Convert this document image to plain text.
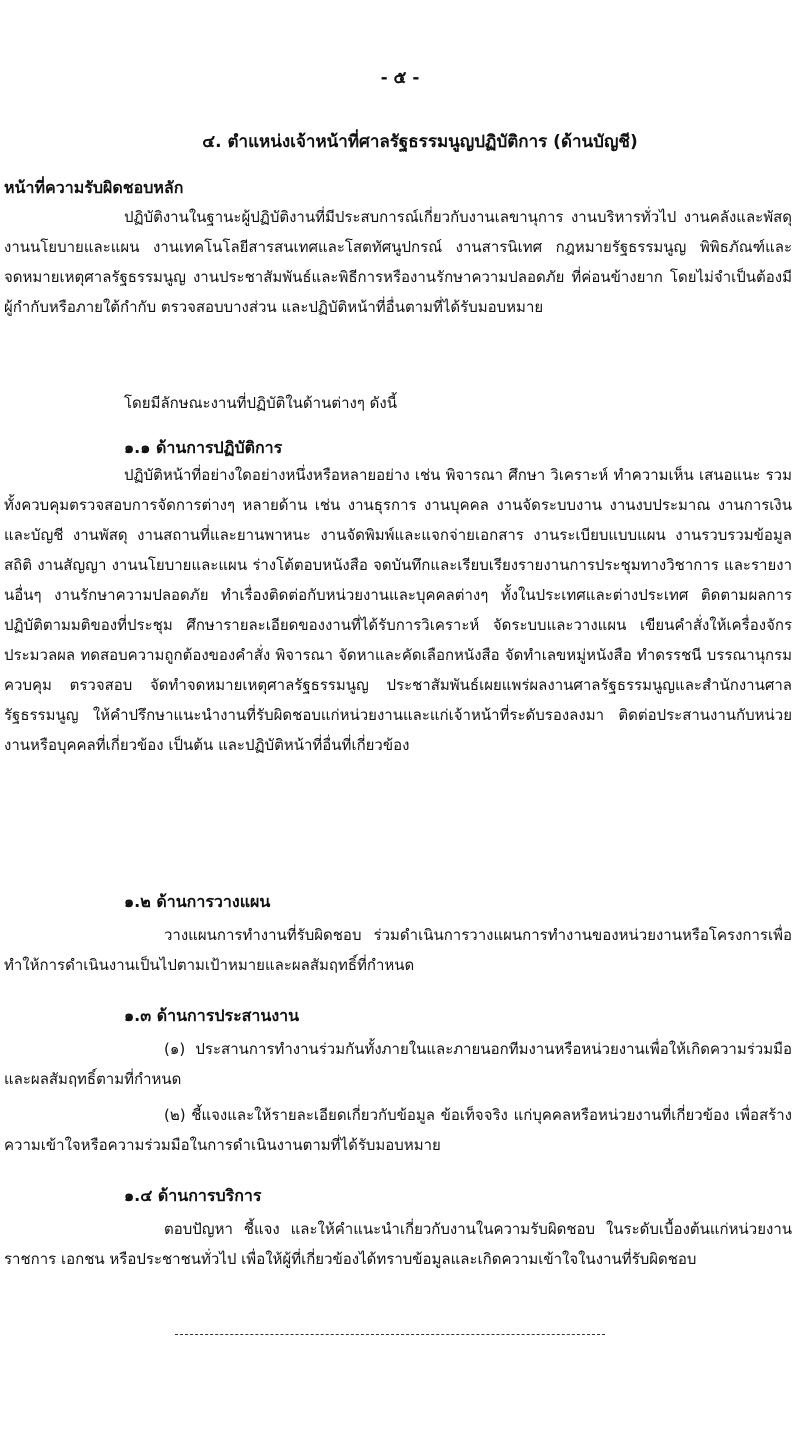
- ๕ -
๔. ตำแหน่งเจ้าหน้าที่ศาลรัฐธรรมนูญปฏิบัติการ (ด้านบัญชี)
หน้าที่ความรับผิดชอบหลัก
ปฏิบัติงานในฐานะผู้ปฏิบัติงานที่มีประสบการณ์เกี่ยวกับงานเลขานุการ งานบริหารทั่วไป งานคลังและพัสดุ งานนโยบายและแผน งานเทคโนโลยีสารสนเทศและโสตทัศนูปกรณ์ งานสารนิเทศ กฎหมายรัฐธรรมนูญ พิพิธภัณฑ์และจดหมายเหตุศาลรัฐธรรมนูญ งานประชาสัมพันธ์และพิธีการหรืองานรักษาความปลอดภัย ที่ค่อนข้างยาก โดยไม่จำเป็นต้องมีผู้กำกับหรือภายใต้กำกับ ตรวจสอบบางส่วน และปฏิบัติหน้าที่อื่นตามที่ได้รับมอบหมาย
โดยมีลักษณะงานที่ปฏิบัติในด้านต่างๆ ดังนี้
๑.๑ ด้านการปฏิบัติการ
ปฏิบัติหน้าที่อย่างใดอย่างหนึ่งหรือหลายอย่าง เช่น พิจารณา ศึกษา วิเคราะห์ ทำความเห็น เสนอแนะ รวมทั้งควบคุมตรวจสอบการจัดการต่างๆ หลายด้าน เช่น งานธุรการ งานบุคคล งานจัดระบบงาน งานงบประมาณ งานการเงินและบัญชี งานพัสดุ งานสถานที่และยานพาหนะ งานจัดพิมพ์และแจกจ่ายเอกสาร งานระเบียบแบบแผน งานรวบรวมข้อมูลสถิติ งานสัญญา งานนโยบายและแผน ร่างโต้ตอบหนังสือ จดบันทึกและเรียบเรียงรายงานการประชุมทางวิชาการ และรายงานอื่นๆ งานรักษาความปลอดภัย ทำเรื่องติดต่อกับหน่วยงานและบุคคลต่างๆ ทั้งในประเทศและต่างประเทศ ติดตามผลการปฏิบัติตามมติของที่ประชุม ศึกษารายละเอียดของงานที่ได้รับการวิเคราะห์ จัดระบบและวางแผน เขียนคำสั่งให้เครื่องจักรประมวลผล ทดสอบความถูกต้องของคำสั่ง พิจารณา จัดหาและคัดเลือกหนังสือ จัดทำเลขหมู่หนังสือ ทำดรรชนี บรรณานุกรม ควบคุม ตรวจสอบ จัดทำจดหมายเหตุศาลรัฐธรรมนูญ ประชาสัมพันธ์เผยแพร่ผลงานศาลรัฐธรรมนูญและสำนักงานศาลรัฐธรรมนูญ ให้คำปรึกษาแนะนำงานที่รับผิดชอบแก่หน่วยงานและแก่เจ้าหน้าที่ระดับรองลงมา ติดต่อประสานงานกับหน่วยงานหรือบุคคลที่เกี่ยวข้อง เป็นต้น และปฏิบัติหน้าที่อื่นที่เกี่ยวข้อง
๑.๒ ด้านการวางแผน
วางแผนการทำงานที่รับผิดชอบ ร่วมดำเนินการวางแผนการทำงานของหน่วยงานหรือโครงการเพื่อทำให้การดำเนินงานเป็นไปตามเป้าหมายและผลสัมฤทธิ์ที่กำหนด
๑.๓ ด้านการประสานงาน
(๑) ประสานการทำงานร่วมกันทั้งภายในและภายนอกทีมงานหรือหน่วยงานเพื่อให้เกิดความร่วมมือและผลสัมฤทธิ์ตามที่กำหนด
(๒) ชี้แจงและให้รายละเอียดเกี่ยวกับข้อมูล ข้อเท็จจริง แก่บุคคลหรือหน่วยงานที่เกี่ยวข้อง เพื่อสร้างความเข้าใจหรือความร่วมมือในการดำเนินงานตามที่ได้รับมอบหมาย
๑.๔ ด้านการบริการ
ตอบปัญหา ชี้แจง และให้คำแนะนำเกี่ยวกับงานในความรับผิดชอบ ในระดับเบื้องต้นแก่หน่วยงานราชการ เอกชน หรือประชาชนทั่วไป เพื่อให้ผู้ที่เกี่ยวข้องได้ทราบข้อมูลและเกิดความเข้าใจในงานที่รับผิดชอบ
